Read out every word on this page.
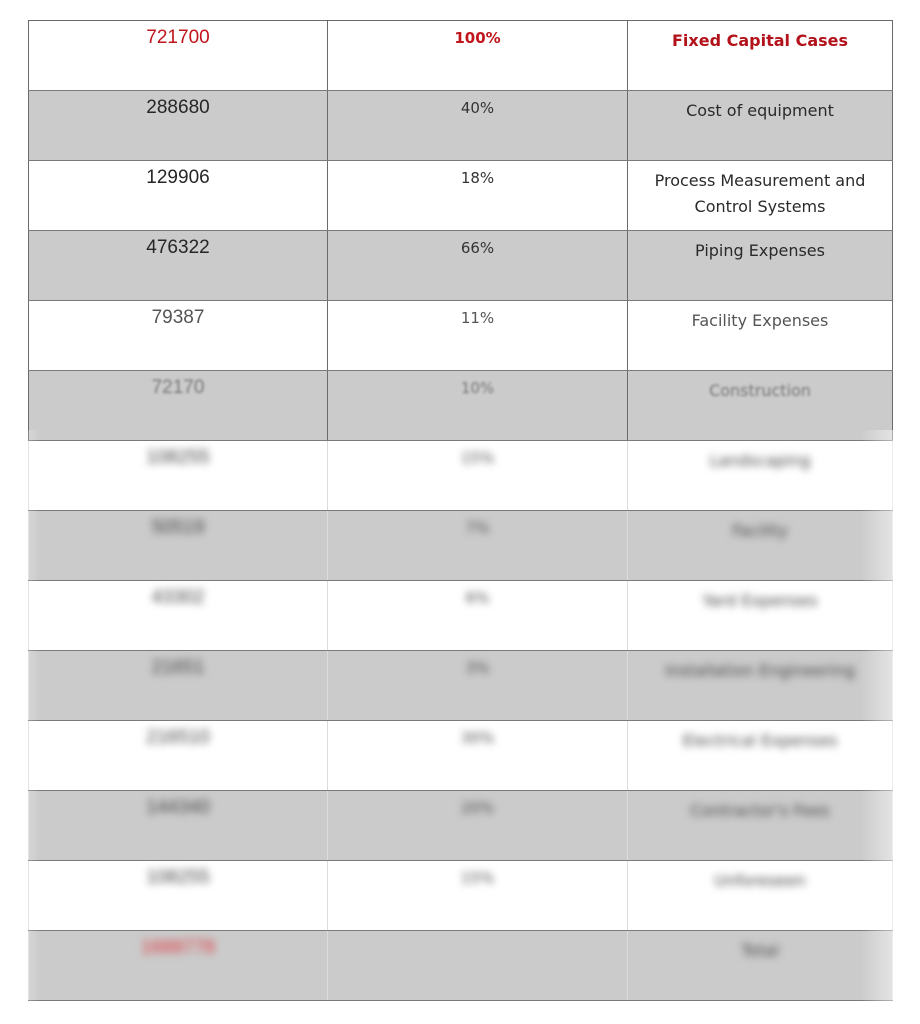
721700	100%	Fixed Capital Cases

288680	40%	Cost of equipment

129906	18%	Process Measurement and Control Systems

476322	66%	Piping Expenses

79387	11%	Facility Expenses

72170	10%	Construction

108255	15%	Landscaping

50519	7%	Facility

43302	6%	Yard Expenses

21651	3%	Installation Engineering

216510	30%	Electrical Expenses

144340	20%	Contractor's Fees

108255	15%	Unforeseen

1688778		Total
